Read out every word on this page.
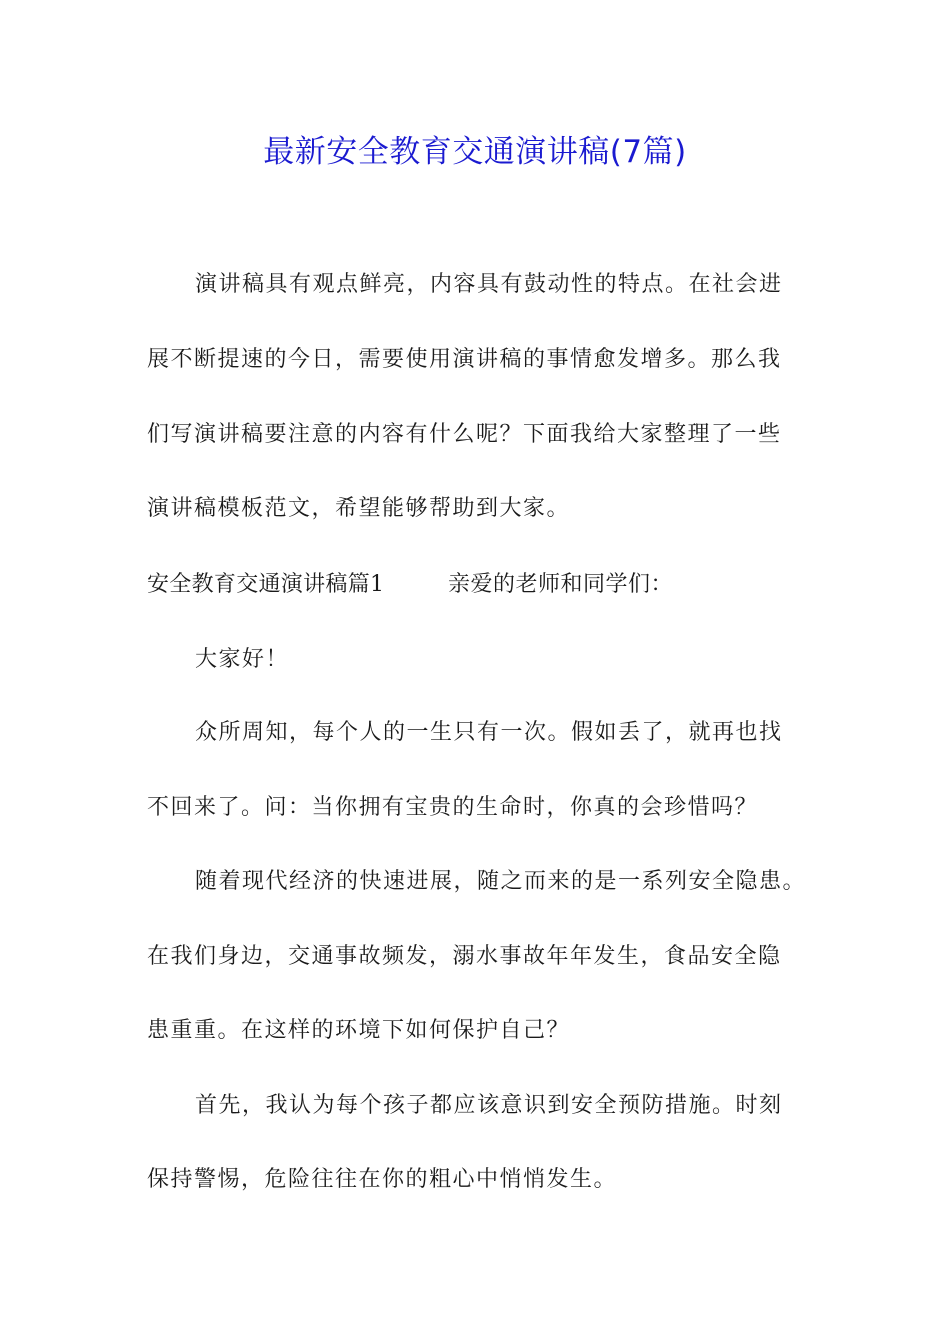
最新安全教育交通演讲稿(7篇)
演讲稿具有观点鲜亮，内容具有鼓动性的特点。在社会进
展不断提速的今日，需要使用演讲稿的事情愈发增多。那么我
们写演讲稿要注意的内容有什么呢？下面我给大家整理了一些
演讲稿模板范文，希望能够帮助到大家。
安全教育交通演讲稿篇1	亲爱的老师和同学们：
大家好！
众所周知，每个人的一生只有一次。假如丢了，就再也找
不回来了。问：当你拥有宝贵的生命时，你真的会珍惜吗？
随着现代经济的快速进展，随之而来的是一系列安全隐患。
在我们身边，交通事故频发，溺水事故年年发生，食品安全隐
患重重。在这样的环境下如何保护自己？
首先，我认为每个孩子都应该意识到安全预防措施。时刻
保持警惕，危险往往在你的粗心中悄悄发生。
